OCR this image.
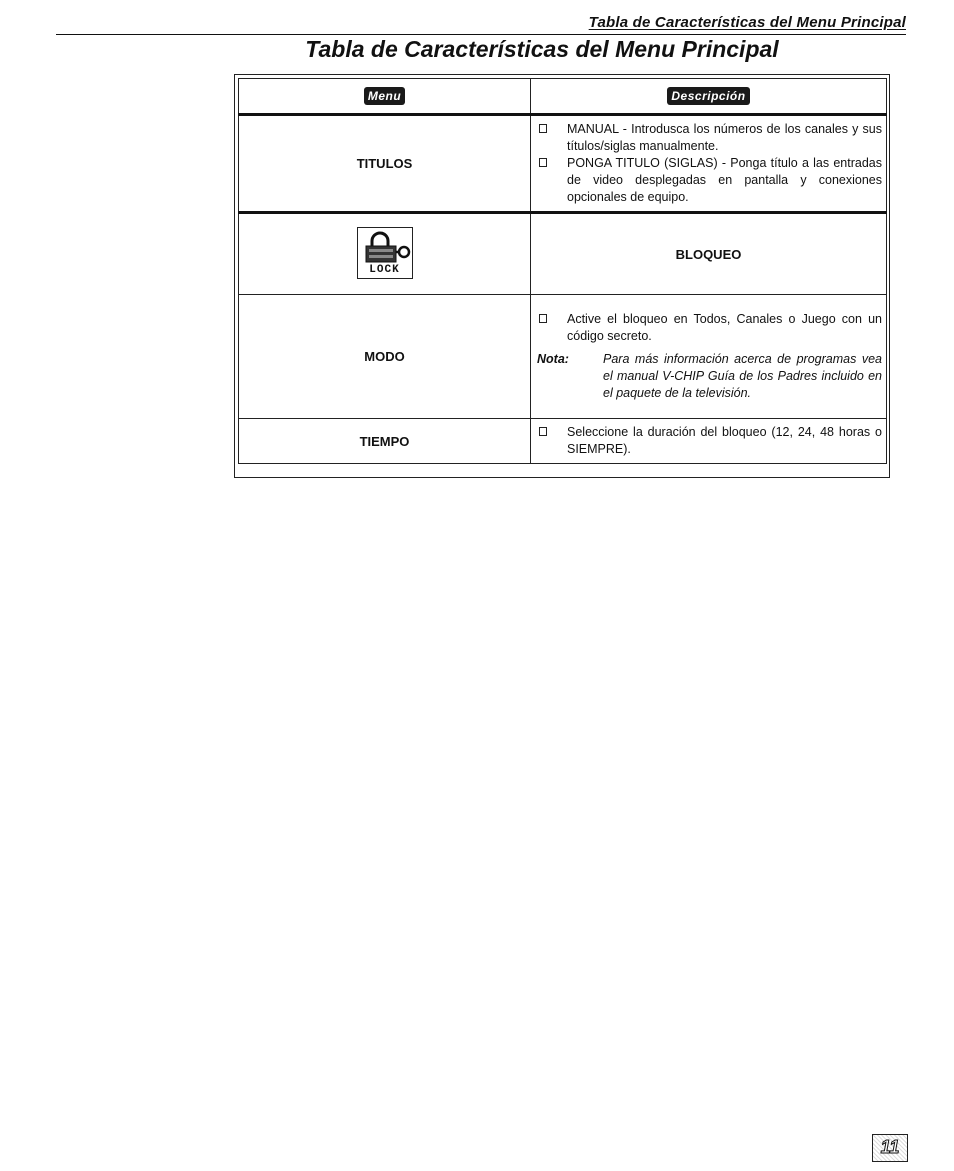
Tabla de Características del Menu Principal
Tabla de Características del Menu Principal
Menu	Descripción
TITULOS	MANUAL - Introdusca los números de los canales y sus títulos/siglas manualmente.
PONGA TITULO (SIGLAS) - Ponga título a las entradas de video desplegadas en pantalla y conexiones opcionales de equipo.

LOCK	BLOQUEO
MODO	Active el bloqueo en Todos, Canales o Juego con un código secreto.
Nota: Para más información acerca de programas vea el manual V-CHIP Guía de los Padres incluido en el paquete de la televisión.

TIEMPO	Seleccione la duración del bloqueo (12, 24, 48 horas o SIEMPRE).
11
